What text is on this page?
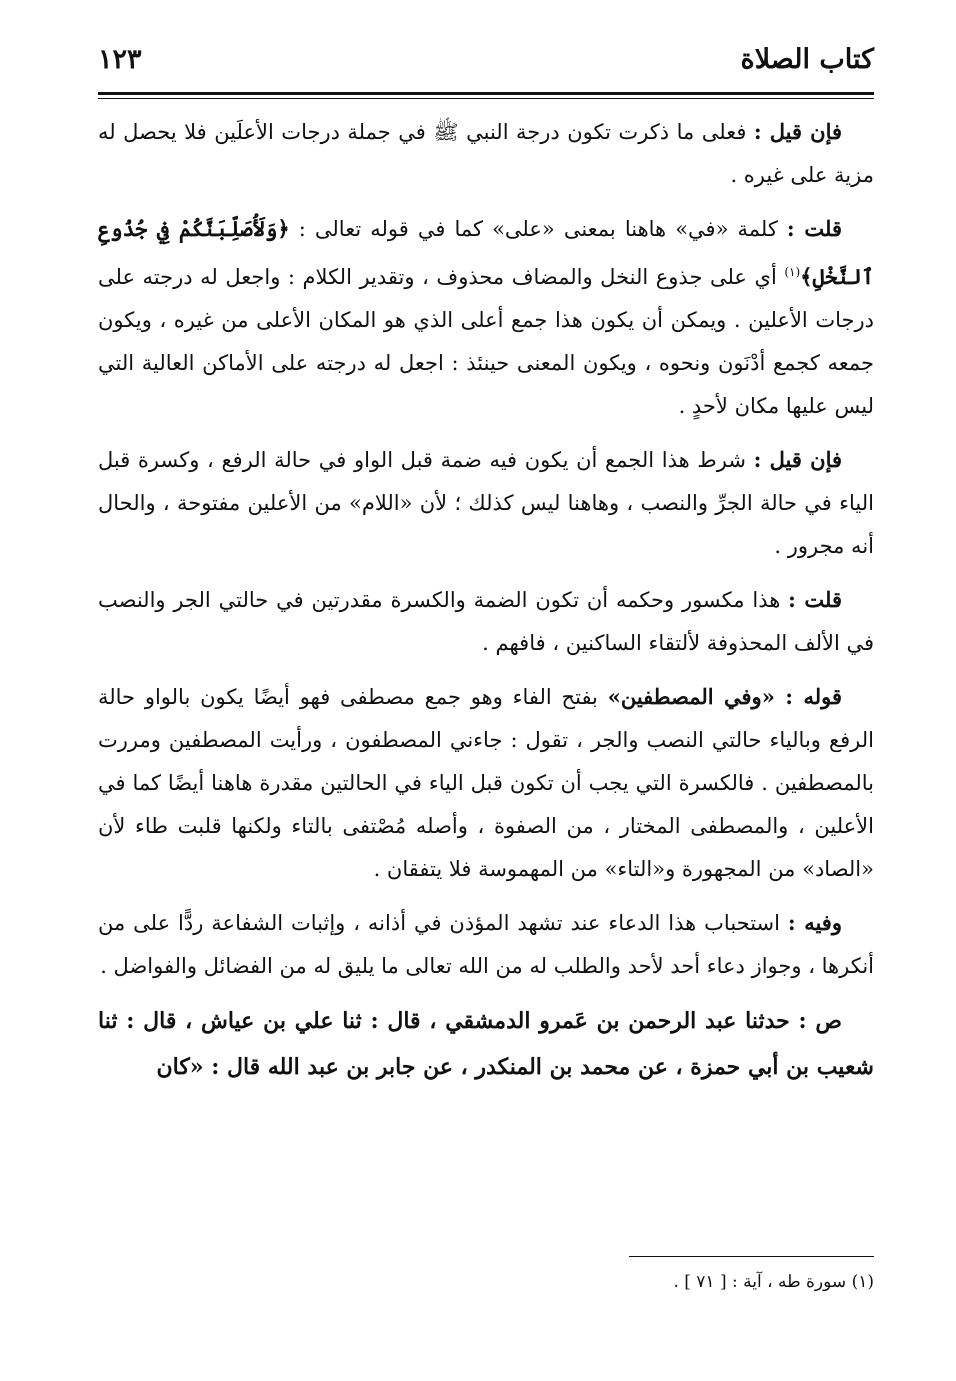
كتاب الصلاة
١٢٣

فإن قيل : فعلى ما ذكرت تكون درجة النبي ﷺ في جملة درجات الأعلَين فلا يحصل له مزية على غيره .

قلت : كلمة «في» هاهنا بمعنى «على» كما في قوله تعالى : ﴿وَلَأُصَلِّبَنَّكُمْ فِي جُذُوعِ ٱلنَّخْلِ﴾$^{(١)}$ أي على جذوع النخل والمضاف محذوف ، وتقدير الكلام : واجعل له درجته على درجات الأعلين . ويمكن أن يكون هذا جمع أعلى الذي هو المكان الأعلى من غيره ، ويكون جمعه كجمع أدْنَون ونحوه ، ويكون المعنى حينئذ : اجعل له درجته على الأماكن العالية التي ليس عليها مكان لأحدٍ .

فإن قيل : شرط هذا الجمع أن يكون فيه ضمة قبل الواو في حالة الرفع ، وكسرة قبل الياء في حالة الجرِّ والنصب ، وهاهنا ليس كذلك ؛ لأن «اللام» من الأعلين مفتوحة ، والحال أنه مجرور .

قلت : هذا مكسور وحكمه أن تكون الضمة والكسرة مقدرتين في حالتي الجر والنصب في الألف المحذوفة لألتقاء الساكنين ، فافهم .

قوله : «وفي المصطفين» بفتح الفاء وهو جمع مصطفى فهو أيضًا يكون بالواو حالة الرفع وبالياء حالتي النصب والجر ، تقول : جاءني المصطفون ، ورأيت المصطفين ومررت بالمصطفين . فالكسرة التي يجب أن تكون قبل الياء في الحالتين مقدرة هاهنا أيضًا كما في الأعلين ، والمصطفى المختار ، من الصفوة ، وأصله مُصْتفى بالتاء ولكنها قلبت طاء لأن «الصاد» من المجهورة و«التاء» من المهموسة فلا يتفقان .

وفيه : استحباب هذا الدعاء عند تشهد المؤذن في أذانه ، وإثبات الشفاعة ردًّا على من أنكرها ، وجواز دعاء أحد لأحد والطلب له من الله تعالى ما يليق له من الفضائل والفواضل .

ص : حدثنا عبد الرحمن بن عَمرو الدمشقي ، قال : ثنا علي بن عياش ، قال : ثنا شعيب بن أبي حمزة ، عن محمد بن المنكدر ، عن جابر بن عبد الله قال : «كان

(١) سورة طه ، آية : [ ٧١ ] .
